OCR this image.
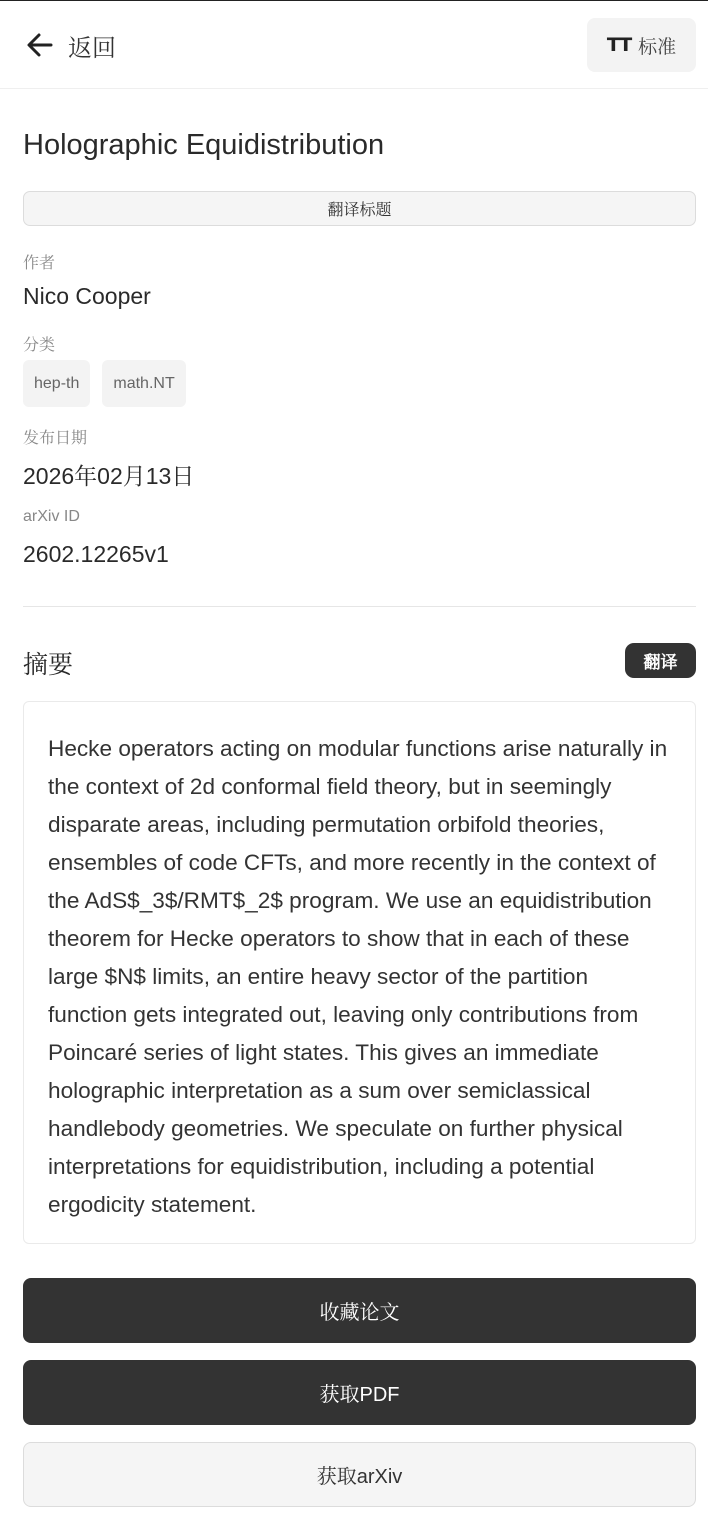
返回	TT 标准
Holographic Equidistribution
翻译标题
作者
Nico Cooper
分类
hep-th	math.NT
发布日期
2026年02月13日
arXiv ID
2602.12265v1
摘要	翻译

Hecke operators acting on modular functions arise naturally in the context of 2d conformal field theory, but in seemingly disparate areas, including permutation orbifold theories, ensembles of code CFTs, and more recently in the context of the AdS$_3$/RMT$_2$ program. We use an equidistribution theorem for Hecke operators to show that in each of these large $N$ limits, an entire heavy sector of the partition function gets integrated out, leaving only contributions from Poincaré series of light states. This gives an immediate holographic interpretation as a sum over semiclassical handlebody geometries. We speculate on further physical interpretations for equidistribution, including a potential ergodicity statement.

收藏论文
获取PDF
获取arXiv
